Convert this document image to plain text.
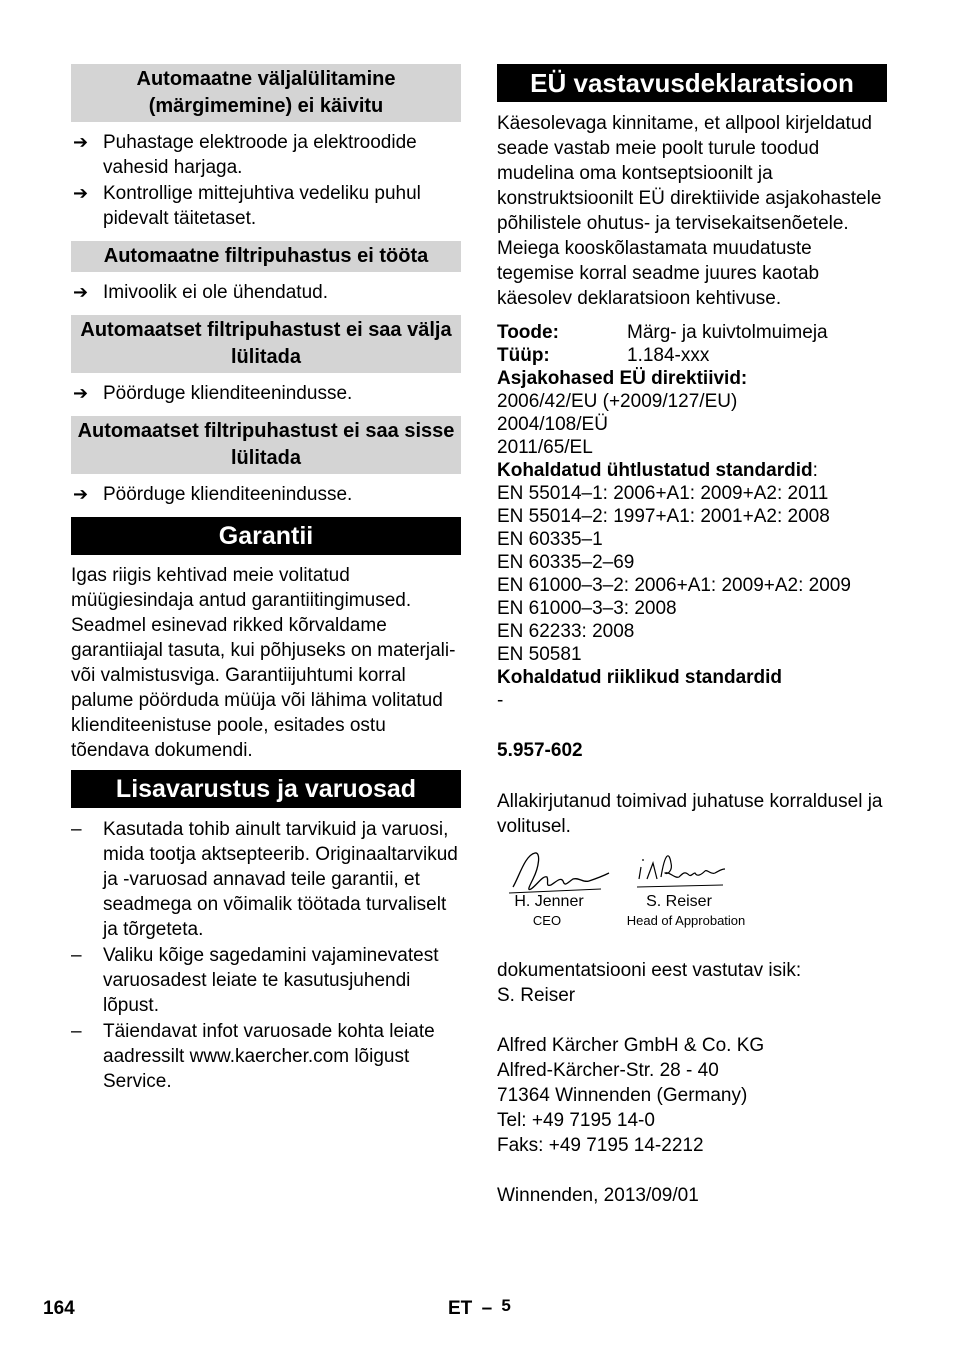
Automaatne väljalülitamine (märgimemine) ei käivitu
➔ Puhastage elektroode ja elektroodide vahesid harjaga.
➔ Kontrollige mittejuhtiva vedeliku puhul pidevalt täitetaset.
Automaatne filtripuhastus ei tööta
➔ Imivoolik ei ole ühendatud.
Automaatset filtripuhastust ei saa välja lülitada
➔ Pöörduge klienditeenindusse.
Automaatset filtripuhastust ei saa sisse lülitada
➔ Pöörduge klienditeenindusse.
Garantii

Igas riigis kehtivad meie volitatud müügiesindaja antud garantiitingimused. Seadmel esinevad rikked kõrvaldame garantiiajal tasuta, kui põhjuseks on materjali- või valmistusviga. Garantiijuhtumi korral palume pöörduda müüja või lähima volitatud klienditeenistuse poole, esitades ostu tõendava dokumendi.

Lisavarustus ja varuosad
– Kasutada tohib ainult tarvikuid ja varuosi, mida tootja aktsepteerib. Originaaltarvikud ja -varuosad annavad teile garantii, et seadmega on võimalik töötada turvaliselt ja tõrgeteta.
– Valiku kõige sagedamini vajaminevatest varuosadest leiate te kasutusjuhendi lõpust.
– Täiendavat infot varuosade kohta leiate aadressilt www.kaercher.com lõigust Service.
EÜ vastavusdeklaratsioon

Käesolevaga kinnitame, et allpool kirjeldatud seade vastab meie poolt turule toodud mudelina oma kontseptsioonilt ja konstruktsioonilt EÜ direktiivide asjakohastele põhilistele ohutus- ja tervisekaitsenõetele.

Meiega kooskõlastamata muudatuste tegemise korral seadme juures kaotab käesolev deklaratsioon kehtivuse.

Toode:	Märg- ja kuivtolmuimeja
Tüüp:	1.184-xxx
Asjakohased EÜ direktiivid:
2006/42/EU (+2009/127/EU)
2004/108/EÜ
2011/65/EL
Kohaldatud ühtlustatud standardid:
EN 55014–1: 2006+A1: 2009+A2: 2011
EN 55014–2: 1997+A1: 2001+A2: 2008
EN 60335–1
EN 60335–2–69
EN 61000–3–2: 2006+A1: 2009+A2: 2009
EN 61000–3–3: 2008
EN 62233: 2008
EN 50581
Kohaldatud riiklikud standardid
-
5.957-602

Allakirjutanud toimivad juhatuse korraldusel ja volitusel.

H. Jenner
CEO
S. Reiser
Head of Approbation
dokumentatsiooni eest vastutav isik:
S. Reiser
Alfred Kärcher GmbH & Co. KG
Alfred-Kärcher-Str. 28 - 40
71364 Winnenden (Germany)
Tel: +49 7195 14-0
Faks: +49 7195 14-2212
Winnenden, 2013/09/01
164	ET – 5
